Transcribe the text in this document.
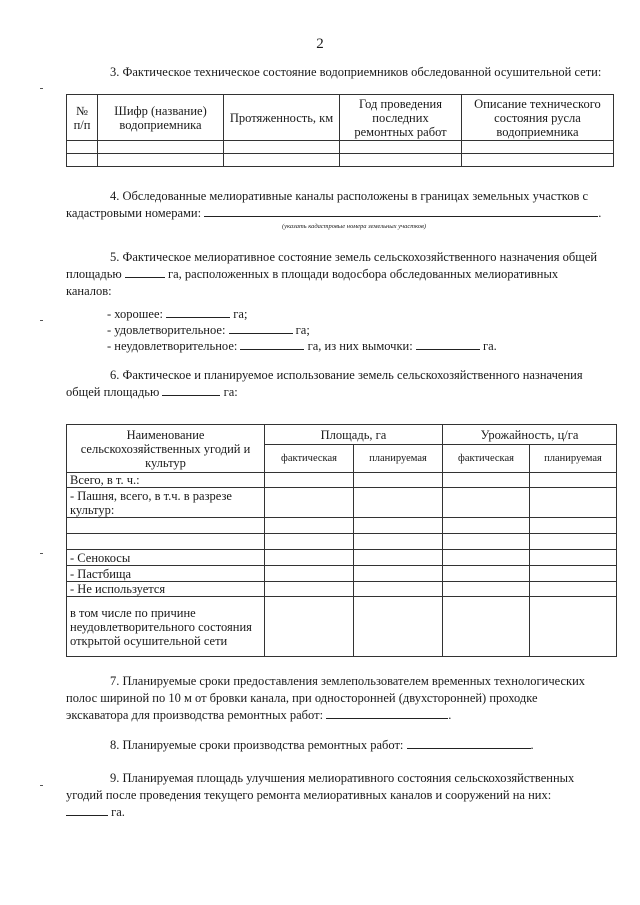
2
3. Фактическое техническое состояние водоприемников обследованной осушительной сети:
№ п/п	Шифр (название) водоприемника	Протяженность, км	Год проведения последних ремонтных работ	Описание технического состояния русла водоприемника

4. Обследованные мелиоративные каналы расположены в границах земельных участков с
кадастровыми номерами:	.
(указать кадастровые номера земельных участков)
5. Фактическое мелиоративное состояние земель сельскохозяйственного назначения общей
площадью	га, расположенных в площади водосбора обследованных мелиоративных
каналов:
- хорошее:	га;
- удовлетворительное:	га;
- неудовлетворительное:	га, из них вымочки:	га.
6. Фактическое и планируемое использование земель сельскохозяйственного назначения
общей площадью	га:
Наименование сельскохозяйственных угодий и культур	Площадь, га		Урожайность, ц/га	
	фактическая	планируемая	фактическая	планируемая
Всего, в т. ч.:				
- Пашня, всего, в т.ч. в разрезе культур:				

- Сенокосы				
- Пастбища				
- Не используется				
в том числе по причине неудовлетворительного состояния открытой осушительной сети				
7. Планируемые сроки предоставления землепользователем временных технологических
полос шириной по 10 м от бровки канала, при односторонней (двухсторонней) проходке
экскаватора для производства ремонтных работ:	.
8. Планируемые сроки производства ремонтных работ:	.
9. Планируемая площадь улучшения мелиоративного состояния сельскохозяйственных
угодий после проведения текущего ремонта мелиоративных каналов и сооружений на них:
га.
